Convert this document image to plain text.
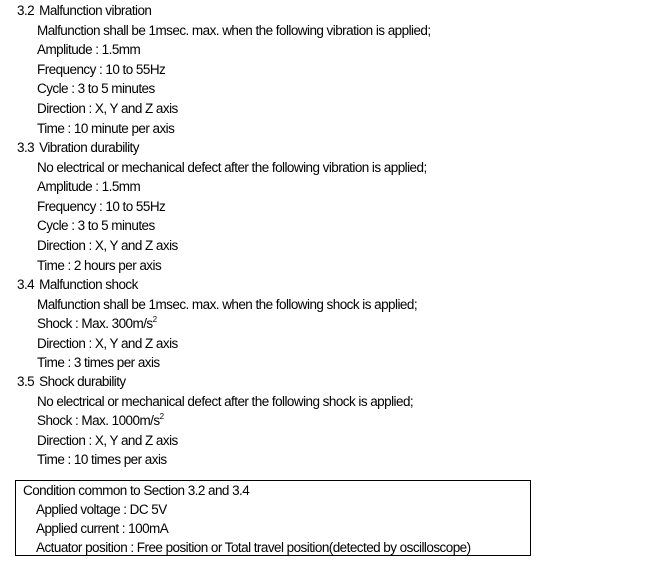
3.2 Malfunction vibration
Malfunction shall be 1msec. max. when the following vibration is applied;
Amplitude : 1.5mm
Frequency : 10 to 55Hz
Cycle : 3 to 5 minutes
Direction : X, Y and Z axis
Time : 10 minute per axis
3.3 Vibration durability
No electrical or mechanical defect after the following vibration is applied;
Amplitude : 1.5mm
Frequency : 10 to 55Hz
Cycle : 3 to 5 minutes
Direction : X, Y and Z axis
Time : 2 hours per axis
3.4 Malfunction shock
Malfunction shall be 1msec. max. when the following shock is applied;
Shock : Max. $300m/s^2$
Direction : X, Y and Z axis
Time : 3 times per axis
3.5 Shock durability
No electrical or mechanical defect after the following shock is applied;
Shock : Max. $1000m/s^2$
Direction : X, Y and Z axis
Time : 10 times per axis
Condition common to Section 3.2 and 3.4
Applied voltage : DC 5V
Applied current : 100mA
Actuator position : Free position or Total travel position(detected by oscilloscope)
